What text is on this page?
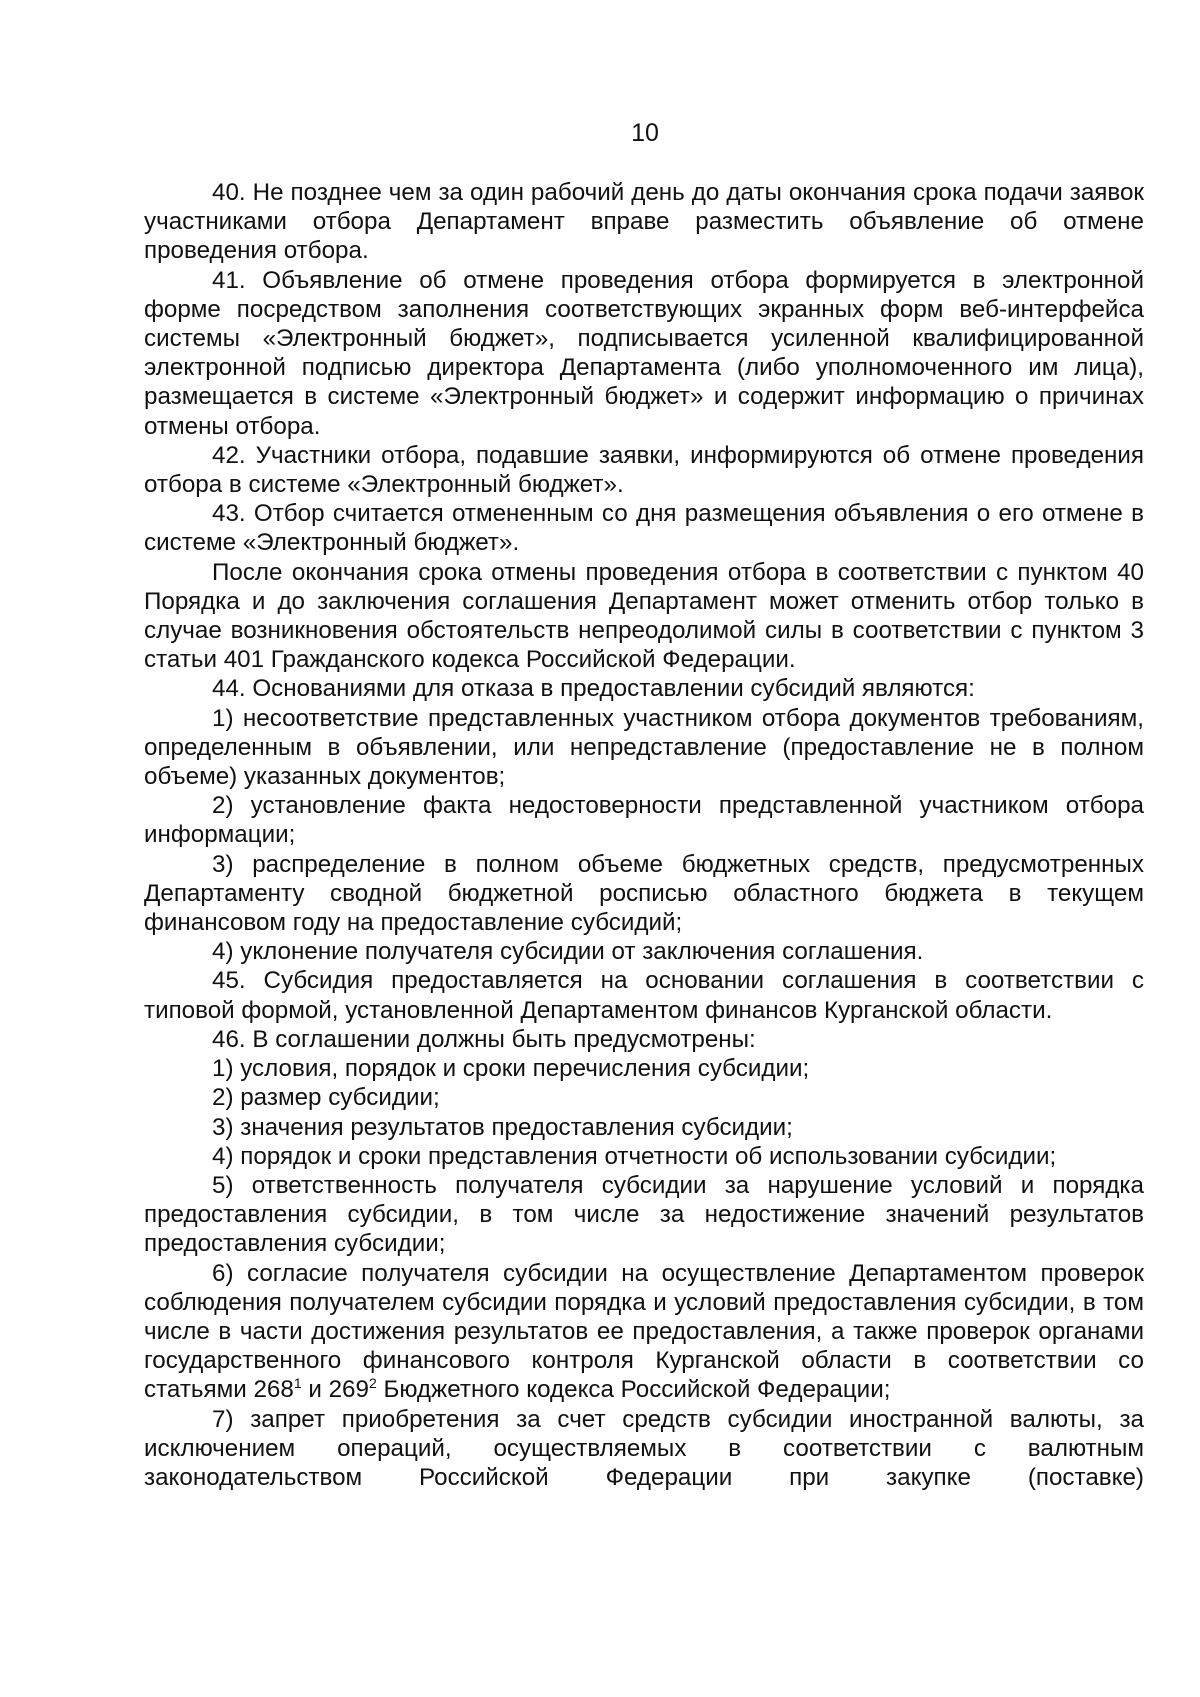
10

40. Не позднее чем за один рабочий день до даты окончания срока подачи заявок участниками отбора Департамент вправе разместить объявление об отмене проведения отбора.

41. Объявление об отмене проведения отбора формируется в электронной форме посредством заполнения соответствующих экранных форм веб-интерфейса системы «Электронный бюджет», подписывается усиленной квалифицированной электронной подписью директора Департамента (либо уполномоченного им лица), размещается в системе «Электронный бюджет» и содержит информацию о причинах отмены отбора.

42. Участники отбора, подавшие заявки, информируются об отмене проведения отбора в системе «Электронный бюджет».

43. Отбор считается отмененным со дня размещения объявления о его отмене в системе «Электронный бюджет».

После окончания срока отмены проведения отбора в соответствии с пунктом 40 Порядка и до заключения соглашения Департамент может отменить отбор только в случае возникновения обстоятельств непреодолимой силы в соответствии с пунктом 3 статьи 401 Гражданского кодекса Российской Федерации.

44. Основаниями для отказа в предоставлении субсидий являются:

1) несоответствие представленных участником отбора документов требованиям, определенным в объявлении, или непредставление (предоставление не в полном объеме) указанных документов;

2) установление факта недостоверности представленной участником отбора информации;

3) распределение в полном объеме бюджетных средств, предусмотренных Департаменту сводной бюджетной росписью областного бюджета в текущем финансовом году на предоставление субсидий;

4) уклонение получателя субсидии от заключения соглашения.

45. Субсидия предоставляется на основании соглашения в соответствии с типовой формой, установленной Департаментом финансов Курганской области.

46. В соглашении должны быть предусмотрены:

1) условия, порядок и сроки перечисления субсидии;

2) размер субсидии;

3) значения результатов предоставления субсидии;

4) порядок и сроки представления отчетности об использовании субсидии;

5) ответственность получателя субсидии за нарушение условий и порядка предоставления субсидии, в том числе за недостижение значений результатов предоставления субсидии;

6) согласие получателя субсидии на осуществление Департаментом проверок соблюдения получателем субсидии порядка и условий предоставления субсидии, в том числе в части достижения результатов ее предоставления, а также проверок органами государственного финансового контроля Курганской области в соответствии со статьями $268^1$ и $269^2$ Бюджетного кодекса Российской Федерации;

7) запрет приобретения за счет средств субсидии иностранной валюты, за исключением операций, осуществляемых в соответствии с валютным законодательством Российской Федерации при закупке (поставке)
